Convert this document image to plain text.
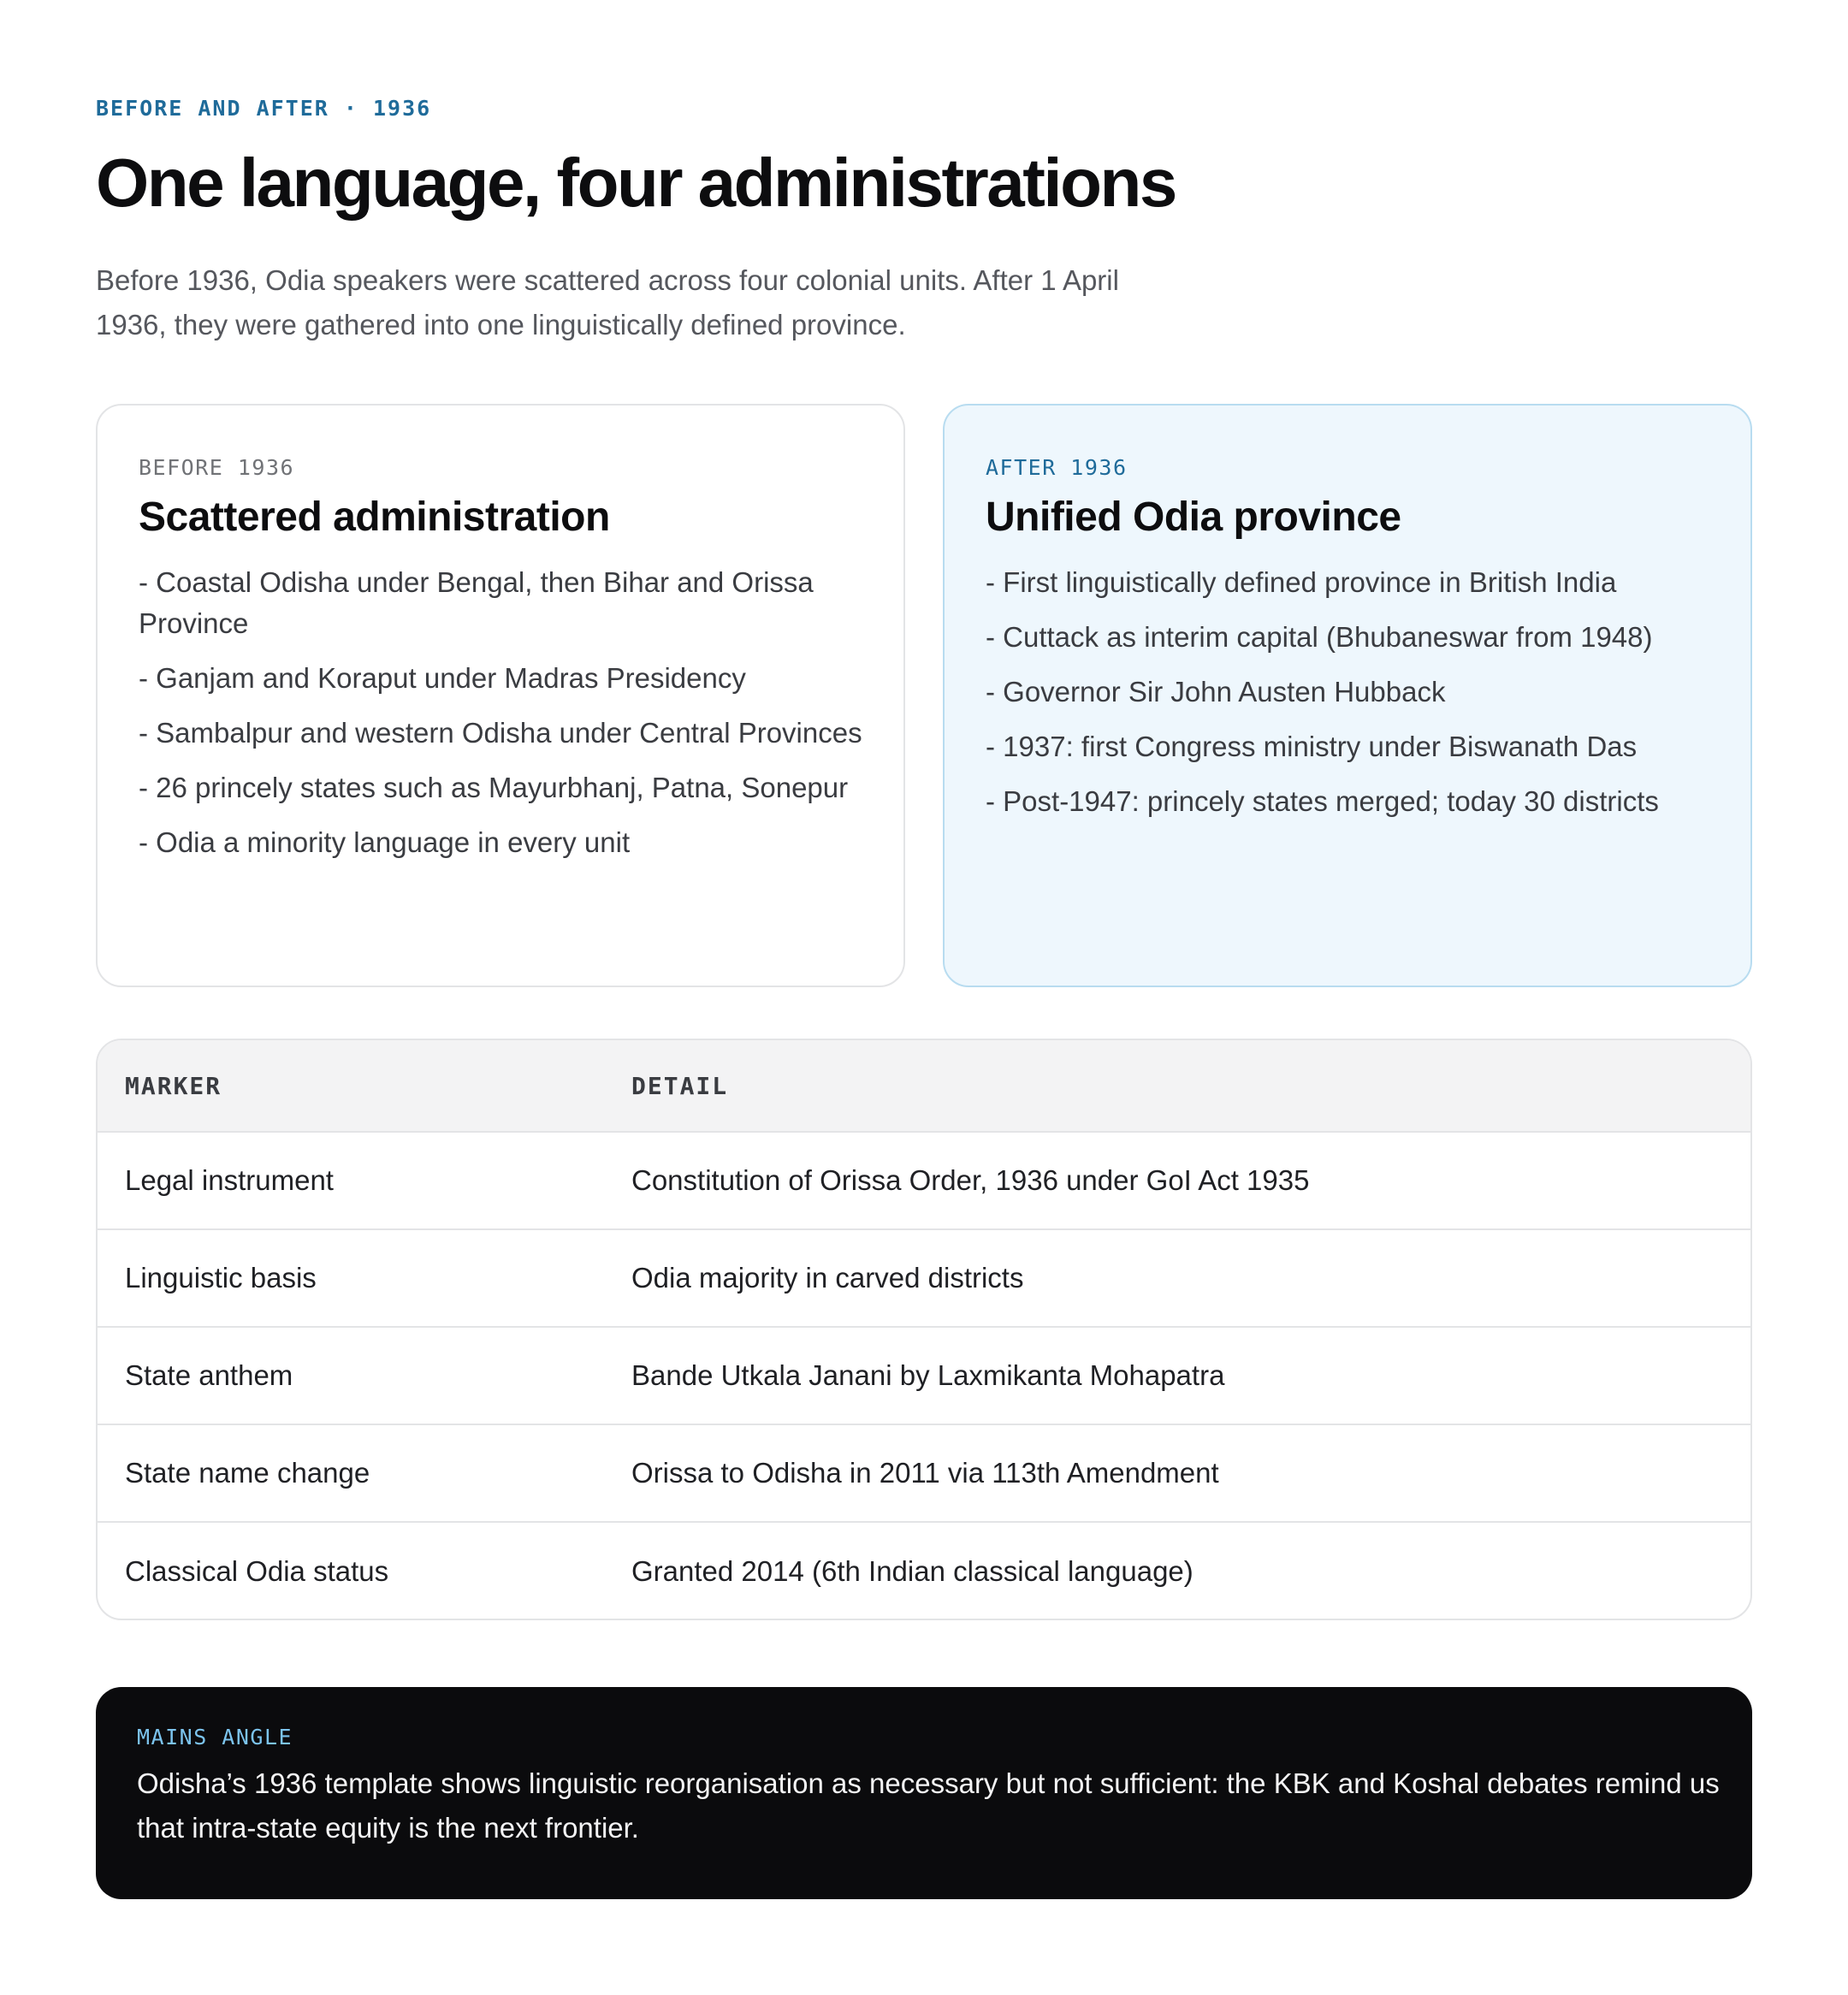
BEFORE AND AFTER · 1936
One language, four administrations

Before 1936, Odia speakers were scattered across four colonial units. After 1 April 1936, they were gathered into one linguistically defined province.

BEFORE 1936
Scattered administration
- Coastal Odisha under Bengal, then Bihar and Orissa Province
- Ganjam and Koraput under Madras Presidency
- Sambalpur and western Odisha under Central Provinces
- 26 princely states such as Mayurbhanj, Patna, Sonepur
- Odia a minority language in every unit
AFTER 1936
Unified Odia province
- First linguistically defined province in British India
- Cuttack as interim capital (Bhubaneswar from 1948)
- Governor Sir John Austen Hubback
- 1937: first Congress ministry under Biswanath Das
- Post-1947: princely states merged; today 30 districts
MARKER	DETAIL
Legal instrument	Constitution of Orissa Order, 1936 under GoI Act 1935
Linguistic basis	Odia majority in carved districts
State anthem	Bande Utkala Janani by Laxmikanta Mohapatra
State name change	Orissa to Odisha in 2011 via 113th Amendment
Classical Odia status	Granted 2014 (6th Indian classical language)
MAINS ANGLE

Odisha’s 1936 template shows linguistic reorganisation as necessary but not sufficient: the KBK and Koshal debates remind us that intra-state equity is the next frontier.
